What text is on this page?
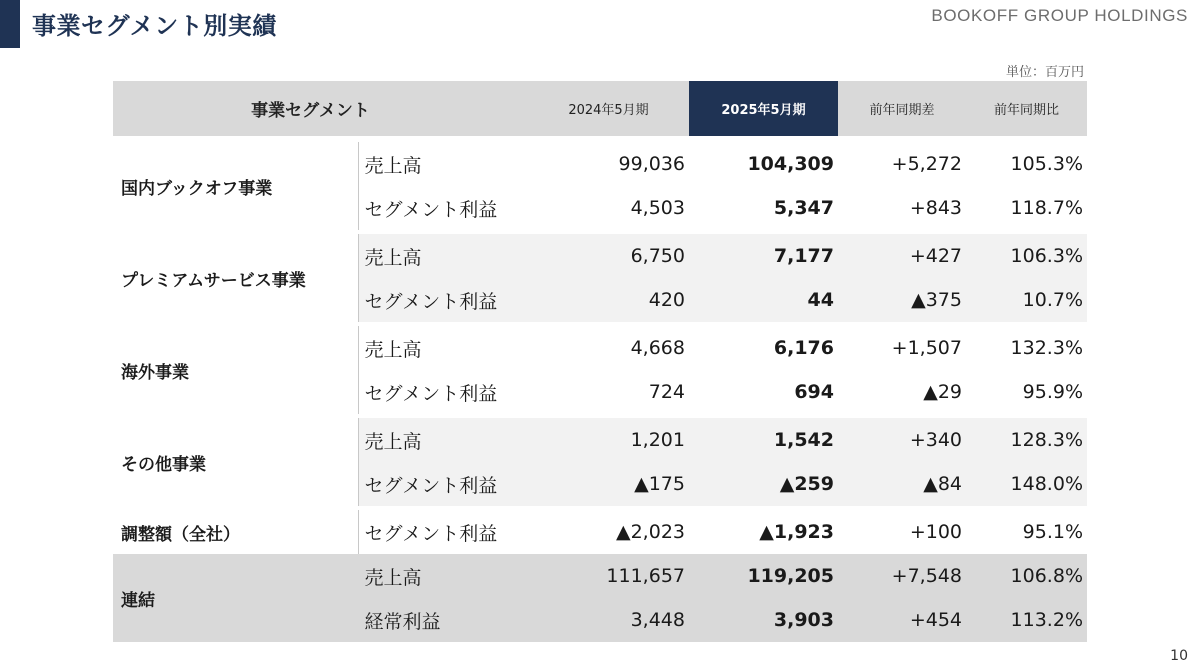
事業セグメント別実績	BOOKOFF GROUP HOLDINGS
単位：百万円
事業セグメント		2024年5月期	2025年5月期	前年同期差	前年同期比
国内ブックオフ事業	売上高	99,036	104,309	+5,272	105.3%
	セグメント利益	4,503	5,347	+843	118.7%
プレミアムサービス事業	売上高	6,750	7,177	+427	106.3%
	セグメント利益	420	44	▲375	10.7%
海外事業	売上高	4,668	6,176	+1,507	132.3%
	セグメント利益	724	694	▲29	95.9%
その他事業	売上高	1,201	1,542	+340	128.3%
	セグメント利益	▲175	▲259	▲84	148.0%
調整額（全社）	セグメント利益	▲2,023	▲1,923	+100	95.1%
連結	売上高	111,657	119,205	+7,548	106.8%
	経常利益	3,448	3,903	+454	113.2%
10
